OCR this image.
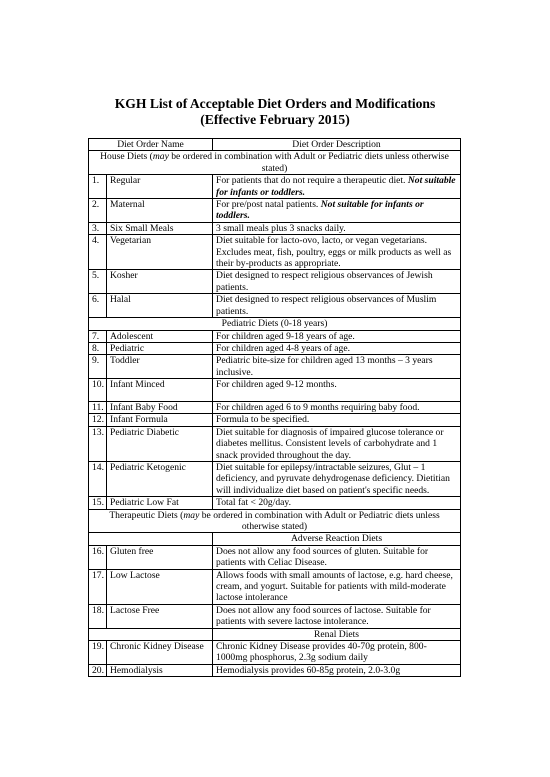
KGH List of Acceptable Diet Orders and Modifications
(Effective February 2015)
Diet Order Name		Diet Order Description
House Diets (may be ordered in combination with Adult or Pediatric diets unless otherwise stated)		
1.	Regular	For patients that do not require a therapeutic diet. Not suitable for infants or toddlers.
2.	Maternal	For pre/post natal patients. Not suitable for infants or toddlers.
3.	Six Small Meals	3 small meals plus 3 snacks daily.
4.	Vegetarian	Diet suitable for lacto-ovo, lacto, or vegan vegetarians. Excludes meat, fish, poultry, eggs or milk products as well as their by-products as appropriate.
5.	Kosher	Diet designed to respect religious observances of Jewish patients.
6.	Halal	Diet designed to respect religious observances of Muslim patients.
Pediatric Diets (0-18 years)		
7.	Adolescent	For children aged 9-18 years of age.
8.	Pediatric	For children aged 4-8 years of age.
9.	Toddler	Pediatric bite-size for children aged 13 months – 3 years inclusive.
10.	Infant Minced	For children aged 9-12 months.
11.	Infant Baby Food	For children aged 6 to 9 months requiring baby food.
12.	Infant Formula	Formula to be specified.
13.	Pediatric Diabetic	Diet suitable for diagnosis of impaired glucose tolerance or diabetes mellitus. Consistent levels of carbohydrate and 1 snack provided throughout the day.
14.	Pediatric Ketogenic	Diet suitable for epilepsy/intractable seizures, Glut – 1 deficiency, and pyruvate dehydrogenase deficiency. Dietitian will individualize diet based on patient's specific needs.
15.	Pediatric Low Fat	Total fat < 20g/day.
Therapeutic Diets (may be ordered in combination with Adult or Pediatric diets unless otherwise stated)		
		Adverse Reaction Diets
16.	Gluten free	Does not allow any food sources of gluten. Suitable for patients with Celiac Disease.
17.	Low Lactose	Allows foods with small amounts of lactose, e.g. hard cheese, cream, and yogurt. Suitable for patients with mild-moderate lactose intolerance
18.	Lactose Free	Does not allow any food sources of lactose. Suitable for patients with severe lactose intolerance.
		Renal Diets
19.	Chronic Kidney Disease	Chronic Kidney Disease provides 40-70g protein, 800-1000mg phosphorus, 2.3g sodium daily
20.	Hemodialysis	Hemodialysis provides 60-85g protein, 2.0-3.0g
